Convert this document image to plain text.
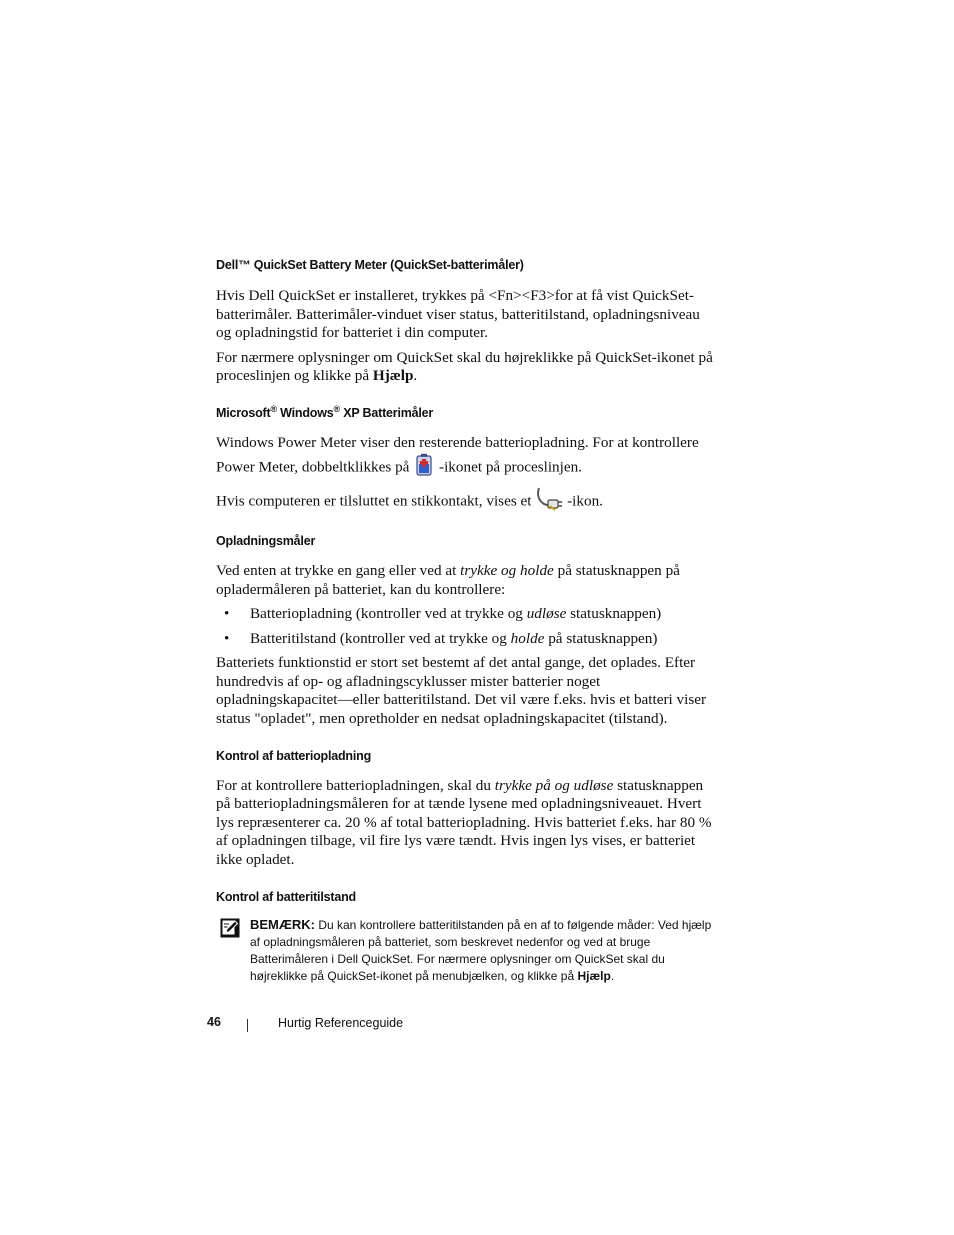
Dell™ QuickSet Battery Meter (QuickSet-batterimåler)

Hvis Dell QuickSet er installeret, trykkes på <Fn><F3>for at få vist QuickSet-batterimåler. Batterimåler-vinduet viser status, batteritilstand, opladningsniveau og opladningstid for batteriet i din computer.

For nærmere oplysninger om QuickSet skal du højreklikke på QuickSet-ikonet på proceslinjen og klikke på Hjælp.

Microsoft® Windows® XP Batterimåler

Windows Power Meter viser den resterende batteriopladning. For at kontrollere Power Meter, dobbeltklikkes på  -ikonet på proceslinjen.

Hvis computeren er tilsluttet en stikkontakt, vises et  -ikon.

Opladningsmåler

Ved enten at trykke en gang eller ved at trykke og holde på statusknappen på opladermåleren på batteriet, kan du kontrollere:

• Batteriopladning (kontroller ved at trykke og udløse statusknappen)
• Batteritilstand (kontroller ved at trykke og holde på statusknappen)

Batteriets funktionstid er stort set bestemt af det antal gange, det oplades. Efter hundredvis af op- og afladningscyklusser mister batterier noget opladningskapacitet—eller batteritilstand. Det vil være f.eks. hvis et batteri viser status "opladet", men opretholder en nedsat opladningskapacitet (tilstand).

Kontrol af batteriopladning

For at kontrollere batteriopladningen, skal du trykke på og udløse statusknappen på batteriopladningsmåleren for at tænde lysene med opladningsniveauet. Hvert lys repræsenterer ca. 20 % af total batteriopladning. Hvis batteriet f.eks. har 80 % af opladningen tilbage, vil fire lys være tændt. Hvis ingen lys vises, er batteriet ikke opladet.

Kontrol af batteritilstand
BEMÆRK: Du kan kontrollere batteritilstanden på en af to følgende måder: Ved hjælp af opladningsmåleren på batteriet, som beskrevet nedenfor og ved at bruge Batterimåleren i Dell QuickSet. For nærmere oplysninger om QuickSet skal du højreklikke på QuickSet-ikonet på menubjælken, og klikke på Hjælp.
46	Hurtig Referenceguide
